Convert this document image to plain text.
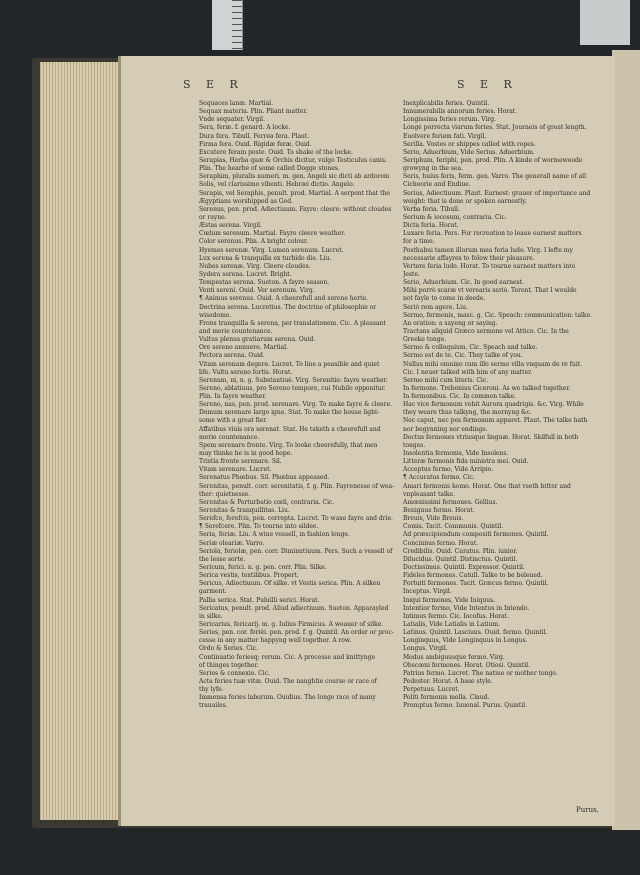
S E R	S E R
Sequaces lanæ. Martial.
Sequax materia. Plin. Pliant matter.
Vnde sequater. Virgil.
Sera, feræ. f. genard. A locke.
Dura fera. Tibull. Ferrea fera. Plaut.
Firma fera. Ouid. Rigidæ feræ. Ouid.
Excutere feram poste. Ouid. To shake of the locke.
Serapias, Herba quæ & Orchis dicitur, vulgò Testiculus canis.
Plin. The hearbe of some called Dogge stones.
Seraphim, pluralis numeri. m. gen. Angeli sic dicti ab ardorem
Solis, vel clarissimo vibenti. Hebræi dictio. Angelo.
Serapis, vel Seraphis, penult. prod. Martial. A serpent that the
Ægyptians worshipped as God.
Serenus, pen. prod. Adiectiuum. Fayre: cleere: without cloudes
or rayne.
Æstas serena. Virgil.
Cœlum serenum. Martial. Fayre cleere weather.
Color serenus. Plin. A bright colour.
Hyemes serenæ. Virg. Lumen serenum. Lucret.
Lux serena & tranquilla ex turbido die. Liu.
Nubes serenæ. Virg. Cleere cloudes.
Sydera serena. Lucret. Bright.
Tempestas serena. Sueton. A fayre season.
Venti sereni. Ouid. Ver serenum. Virg.
¶ Animus serenus. Ouid. A cheerefull and serene herte.
Doctrina serena. Lucretius. The doctrine of philosophie or
wisedome.
Frons tranquilla & serena, per translationem. Cic. A pleasant
and merie countenance.
Vultus plenus gratiarum serena. Ouid.
Ore sereno annuere. Martial.
Pectora serena. Ouid.
Vitam serenam degere. Lucret. To line a peasible and quiet
life. Vultu sereno fortis. Horat.
Serenum, ni, n. g. Substantiuè. Virg. Serenitie: fayre weather.
Sereno, ablatiuus, pro Sereno tempore, cui Nubilo opponitur.
Plin. In fayre weather.
Sereno, nas, pen. prod. serenare. Virg. To make fayre & cleere.
Domum serenare largo igne. Stat. To make the house light-
some with a great fier.
Affatibus viuis ora serenat. Stat. He taketh a cheerefull and
merie countenance.
Spem serenare fronte. Virg. To looke cheerefully, that men
may thinke he is in good hope.
Tristia fronte serenare. Sil.
Vitam serenare. Lucret.
Serenatus Phœbus. Sil. Phœbus appeased.
Serenitas, penult. corr. serenitatis, f. g. Plin. Fayrenesse of wea-
ther: quietnesse.
Serenitas & Perturbatio cœli, contraria. Cic.
Serenitas & tranquillitas. Liu.
Serefco, ferefcis, pen. correpta. Lucret. To waxe fayre and drie.
¶ Serefcere. Plin. To tourne into sildee.
Seria, feriæ. Liu. A wine vessell, in fashion longe.
Seriæ oleariæ. Varro.
Seriola, feriolæ, pen. corr. Diminutiuum. Pers. Such a vessell of
the lesse sorte.
Sericum, ferici. n. g. pen. corr. Plin. Silke.
Serica vestis, textilibus. Propert.
Sericus, Adiectiuum. Of silke. vt Vestis serica. Plin. A silken
garment.
Pallia serica. Stat. Puluilli serici. Horat.
Sericatus, penult. prod. Aliud adiectiuum. Sueton. Apparayled
in silke.
Sericarius, fericarij. m. g. Iulius Firmicus. A weauer of silke.
Series, pen. cor. feriêi. pen. prod. f. g. Quintil. An order or proc-
cesse in any matter happyng well together. A row.
Ordo & Series. Cic.
Continuatio feriesq; rerum. Cic. A processe and knittynge
of thinges together.
Series & connexio. Cic.
Acta feries tuæ vitæ. Ouid. The naughtie course or race of
thy lyfe.
Immensa feries laborum. Ouidius. The longe race of many
trauailes.
Inexplicabilis feries. Quintil.
Innumerabilis annorum feries. Horat.
Longissima feries rerum. Virg.
Longè porrecta viarum feries. Stat. Journeis of great length.
Euolvere feriem fati. Virgil.
Serilla. Vostes or shippes called with ropes.
Serio, Aduerbium, Vide Serius. Aduerbium.
Seriphum, feriphi, pen. prod. Plin. A kinde of wormewoode
growyng in the sea.
Seris, huius feris, ferm. gen. Varro. The generall name of all
Cicheorie and Endiue.
Serius, Adiectiuum. Plaut. Earnest: grauer of importance and
weight: that is done or spoken earnestly.
Verba feria. Tibull.
Serium & iocosum, contraria. Cic.
Dicta feria. Horat.
Luxare feria. Pers. For recreation to leaue earnest matters
for a time.
Posthabui tamen illorum mea feria ludo. Virg. I lefte my
necessarie affayres to folow their pleasure.
Vertere feria ludo. Horat. To tourne earnest matters into
Jeste.
Serio, Aduerbium. Cic. In good earnest.
Mihi porrò scaræ vt verearis seriò. Terent. That I woulde
not fayle to come in deede.
Seriò rem agere. Liu.
Sermo, fermonis, masc. g. Cic. Speach: communication: talke.
An oration: a sayeng or saying.
Tractans aliquid Græco sermone vel Attico. Cic. In the
Greeke tonge.
Sermo & colloquium. Cic. Speach and talke.
Sermo est de te. Cic. They talke of you.
Nullus mihi omnino cum illo sermo villa vnquam de re fuit.
Cic. I neuer talked with him of any matter.
Sermo mihi cum literis. Cic.
In fermone. Trebonius Ciceroni. As we talked together.
In fermonibus. Cic. In common talke.
Hac vice fermonum vehit Aurora quadrigis. &c. Virg. While
they weare thus talkyng, the mornyng &c.
Nec caput, nec pes fermonum apparet. Plaut. The talke hath
nor begynning nor endinge.
Doctus fermones vtriusque linguæ. Horat. Skilfull in both
tonges.
Insolentia fermonis, Vide Insolens.
Litteræ fermonis fida ministra mei. Ouid.
Acceptus fermo, Vide Arripio.
¶ Accuratus fermo. Cic.
Amari fermonis homo. Horat. One that vseth bitter and
vnpleasant talke.
Amœnissimi fermones. Gellius.
Benignus fermo. Horat.
Breuis, Vide Breuis.
Comis. Tacit. Communis. Quintil.
Ad præscipiendum compositi fermones. Quintil.
Concinnus fermo. Horat.
Credibilis. Ouid. Curatus. Plin. iunior.
Dilucidus. Quintil. Distinctus. Quintil.
Doctissimus. Quintil. Expressor. Quintil.
Fideles fermones. Catull. Talke to be beleued.
Fortuiti fermones. Tacit. Græcus fermo. Quintil.
Inceptus. Virgil.
Iniqui fermones, Vide Iniquus.
Intentior fermo, Vide Intentus in Intendo.
Intimus fermo. Cic. Iocofus. Horat.
Latialis, Vide Latialis in Latium.
Latinus. Quintil. Lasciuus. Ouid. fermo. Quintil.
Longinquus, Vide Longinquus in Longus.
Longus. Virgil.
Modus ambiguusque fermo. Virg.
Obscœni fermones. Horat. Otiosi. Quintil.
Patrius fermo. Lucret. The natiue or mother tonge.
Pedester. Horat. A base style.
Perpetuus. Lucret.
Politi fermonis mella. Claud.
Promptus fermo. Iuuenal. Purus. Quintil.
Purus,
